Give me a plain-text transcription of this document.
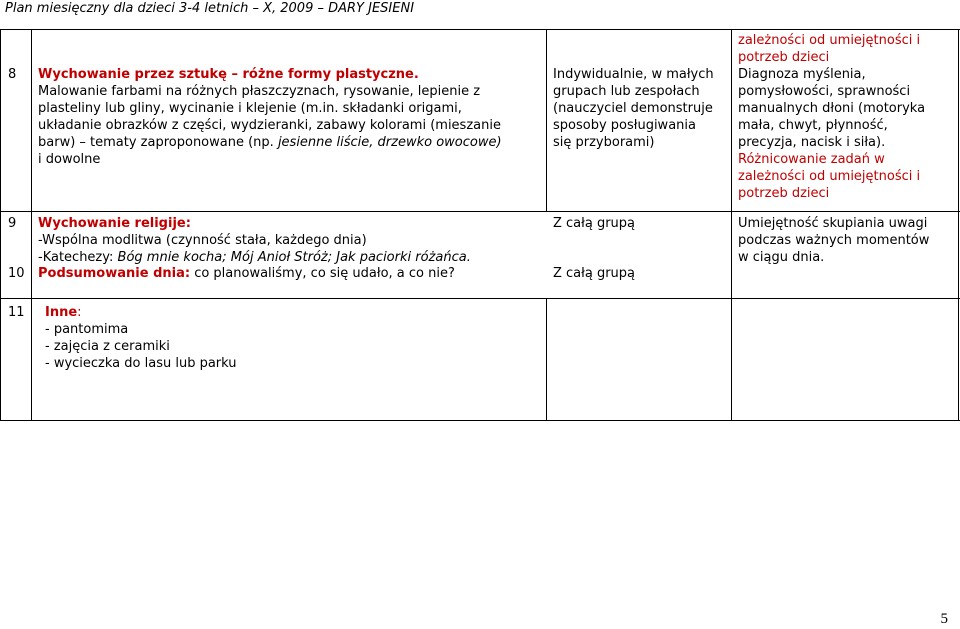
Plan miesięczny dla dzieci 3-4 letnich – X, 2009 – DARY JESIENI
8 Wychowanie przez sztukę – różne formy plastyczne.
Malowanie farbami na różnych płaszczyznach, rysowanie, lepienie z
plasteliny lub gliny, wycinanie i klejenie (m.in. składanki origami,
układanie obrazków z części, wydzieranki, zabawy kolorami (mieszanie
barw) – tematy zaproponowane (np. jesienne liście, drzewko owocowe)
i dowolne
Indywidualnie, w małych
grupach lub zespołach
(nauczyciel demonstruje
sposoby posługiwania
się przyborami)
zależności od umiejętności i
potrzeb dzieci
Diagnoza myślenia,
pomysłowości, sprawności
manualnych dłoni (motoryka
mała, chwyt, płynność,
precyzja, nacisk i siła).
Różnicowanie zadań w
zależności od umiejętności i
potrzeb dzieci
9 Wychowanie religije:
-Wspólna modlitwa (czynność stała, każdego dnia)
-Katechezy: Bóg mnie kocha; Mój Anioł Stróż; Jak paciorki różańca.
Z całą grupą	Umiejętność skupiania uwagi
podczas ważnych momentów
w ciągu dnia.
10 Podsumowanie dnia: co planowaliśmy, co się udało, a co nie?	Z całą grupą
11 Inne:
- pantomima
- zajęcia z ceramiki
- wycieczka do lasu lub parku
5
